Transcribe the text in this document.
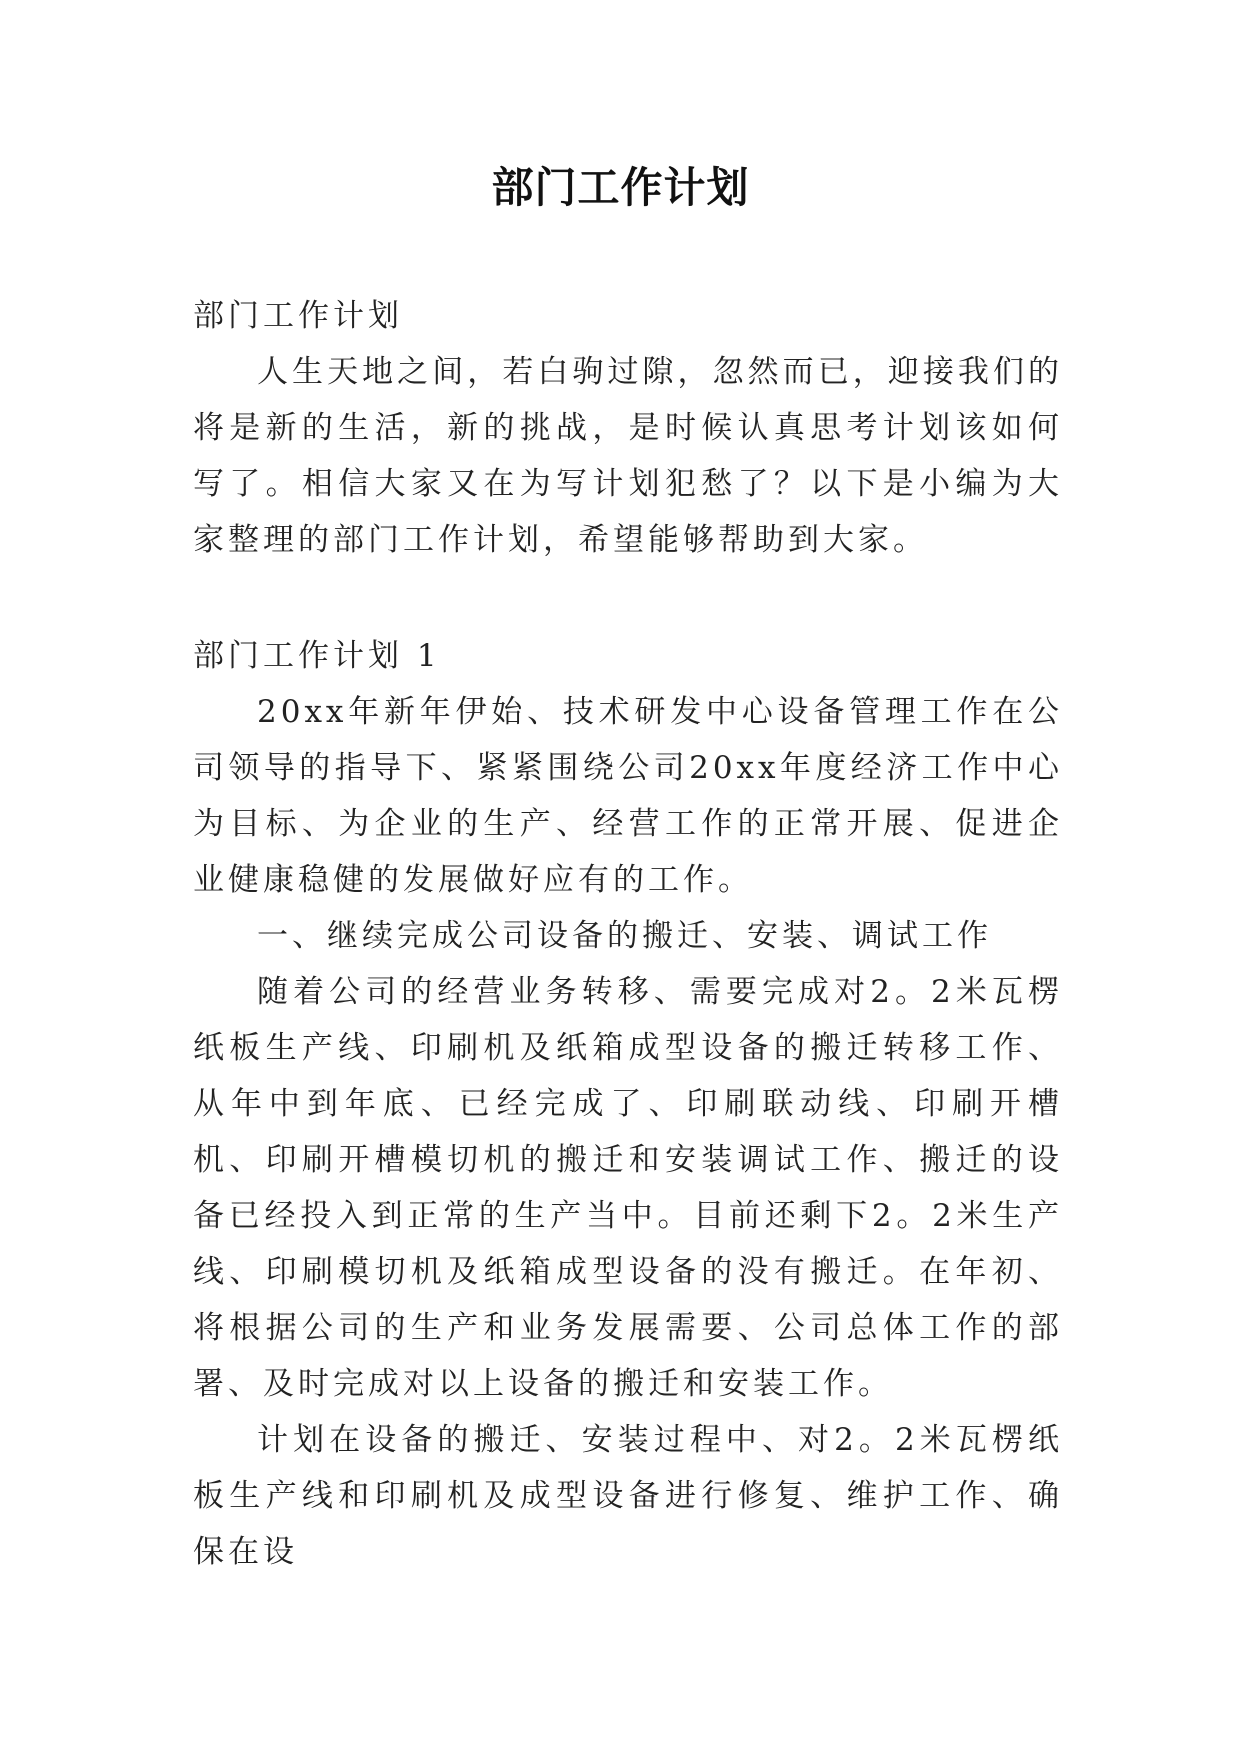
部门工作计划

部门工作计划

人生天地之间，若白驹过隙，忽然而已，迎接我们的将是新的生活，新的挑战，是时候认真思考计划该如何写了。相信大家又在为写计划犯愁了？以下是小编为大家整理的部门工作计划，希望能够帮助到大家。

部门工作计划 1

20xx年新年伊始、技术研发中心设备管理工作在公司领导的指导下、紧紧围绕公司20xx年度经济工作中心为目标、为企业的生产、经营工作的正常开展、促进企业健康稳健的发展做好应有的工作。

一、继续完成公司设备的搬迁、安装、调试工作

随着公司的经营业务转移、需要完成对2。2米瓦楞纸板生产线、印刷机及纸箱成型设备的搬迁转移工作、从年中到年底、已经完成了、印刷联动线、印刷开槽机、印刷开槽模切机的搬迁和安装调试工作、搬迁的设备已经投入到正常的生产当中。目前还剩下2。2米生产线、印刷模切机及纸箱成型设备的没有搬迁。在年初、将根据公司的生产和业务发展需要、公司总体工作的部署、及时完成对以上设备的搬迁和安装工作。

计划在设备的搬迁、安装过程中、对2。2米瓦楞纸板生产线和印刷机及成型设备进行修复、维护工作、确保在设
